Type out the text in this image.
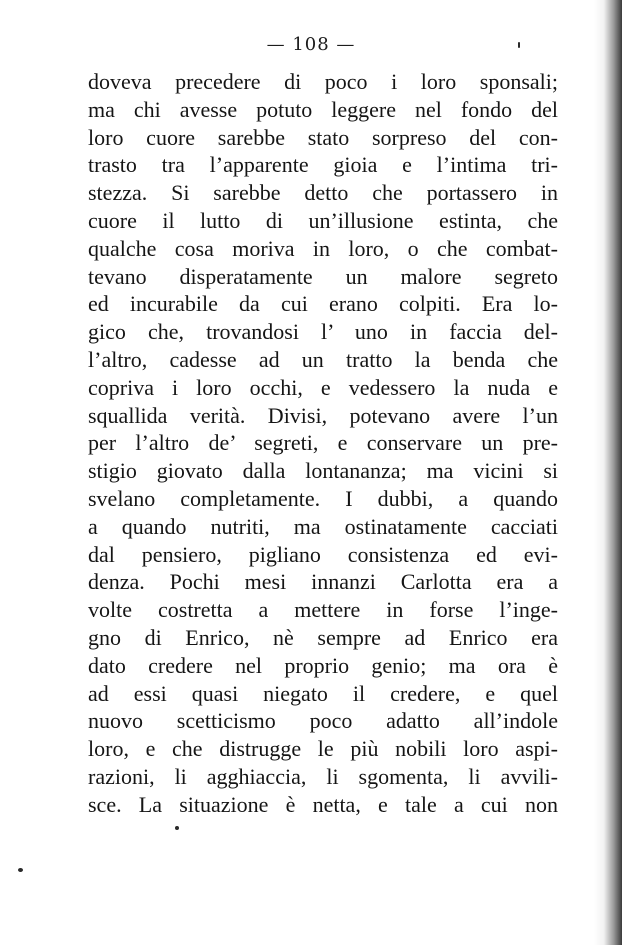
— 108 —
doveva precedere di poco i loro sponsali;
ma chi avesse potuto leggere nel fondo del
loro cuore sarebbe stato sorpreso del con-
trasto tra l’apparente gioia e l’intima tri-
stezza. Si sarebbe detto che portassero in
cuore il lutto di un’illusione estinta, che
qualche cosa moriva in loro, o che combat-
tevano disperatamente un malore segreto
ed incurabile da cui erano colpiti. Era lo-
gico che, trovandosi l’ uno in faccia del-
l’altro, cadesse ad un tratto la benda che
copriva i loro occhi, e vedessero la nuda e
squallida verità. Divisi, potevano avere l’un
per l’altro de’ segreti, e conservare un pre-
stigio giovato dalla lontananza; ma vicini si
svelano completamente. I dubbi, a quando
a quando nutriti, ma ostinatamente cacciati
dal pensiero, pigliano consistenza ed evi-
denza. Pochi mesi innanzi Carlotta era a
volte costretta a mettere in forse l’inge-
gno di Enrico, nè sempre ad Enrico era
dato credere nel proprio genio; ma ora è
ad essi quasi niegato il credere, e quel
nuovo scetticismo poco adatto all’indole
loro, e che distrugge le più nobili loro aspi-
razioni, li agghiaccia, li sgomenta, li avvili-
sce. La situazione è netta, e tale a cui non
